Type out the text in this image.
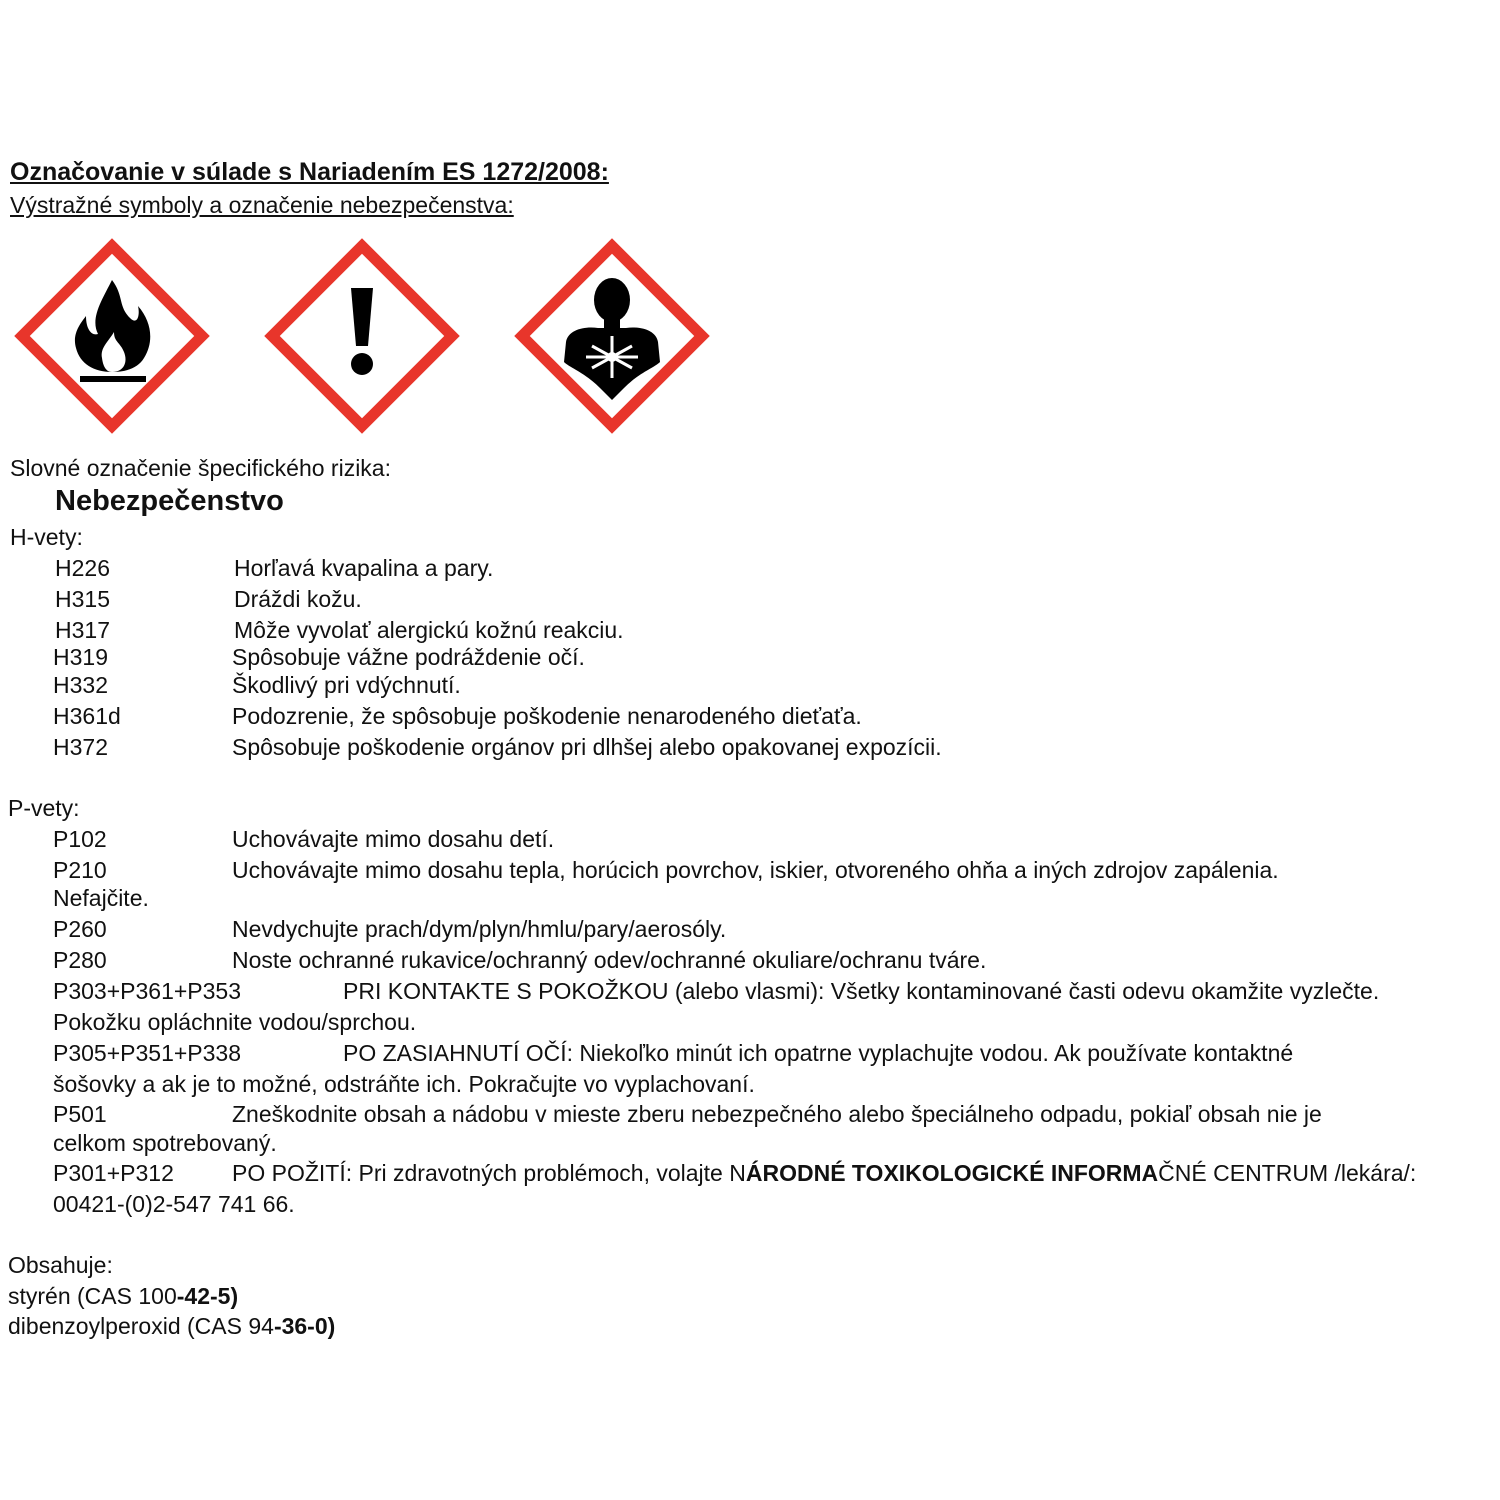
Označovanie v súlade s Nariadením ES 1272/2008:
Výstražné symboly a označenie nebezpečenstva:
Slovné označenie špecifického rizika:
Nebezpečenstvo
H-vety:
H226	Horľavá kvapalina a pary.
H315	Dráždi kožu.
H317	Môže vyvolať alergickú kožnú reakciu.
H319	Spôsobuje vážne podráždenie očí.
H332	Škodlivý pri vdýchnutí.
H361d	Podozrenie, že spôsobuje poškodenie nenarodeného dieťaťa.
H372	Spôsobuje poškodenie orgánov pri dlhšej alebo opakovanej expozícii.
P-vety:
P102	Uchovávajte mimo dosahu detí.
P210	Uchovávajte mimo dosahu tepla, horúcich povrchov, iskier, otvoreného ohňa a iných zdrojov zapálenia.
Nefajčite.
P260	Nevdychujte prach/dym/plyn/hmlu/pary/aerosóly.
P280	Noste ochranné rukavice/ochranný odev/ochranné okuliare/ochranu tváre.
P303+P361+P353	PRI KONTAKTE S POKOŽKOU (alebo vlasmi): Všetky kontaminované časti odevu okamžite vyzlečte.
Pokožku opláchnite vodou/sprchou.
P305+P351+P338	PO ZASIAHNUTÍ OČÍ: Niekoľko minút ich opatrne vyplachujte vodou. Ak používate kontaktné
šošovky a ak je to možné, odstráňte ich. Pokračujte vo vyplachovaní.
P501	Zneškodnite obsah a nádobu v mieste zberu nebezpečného alebo špeciálneho odpadu, pokiaľ obsah nie je
celkom spotrebovaný.
P301+P312	PO POŽITÍ: Pri zdravotných problémoch, volajte NÁRODNÉ TOXIKOLOGICKÉ INFORMAČNÉ CENTRUM /lekára/:
00421-(0)2-547 741 66.
Obsahuje:
styrén (CAS 100-42-5)
dibenzoylperoxid (CAS 94-36-0)
